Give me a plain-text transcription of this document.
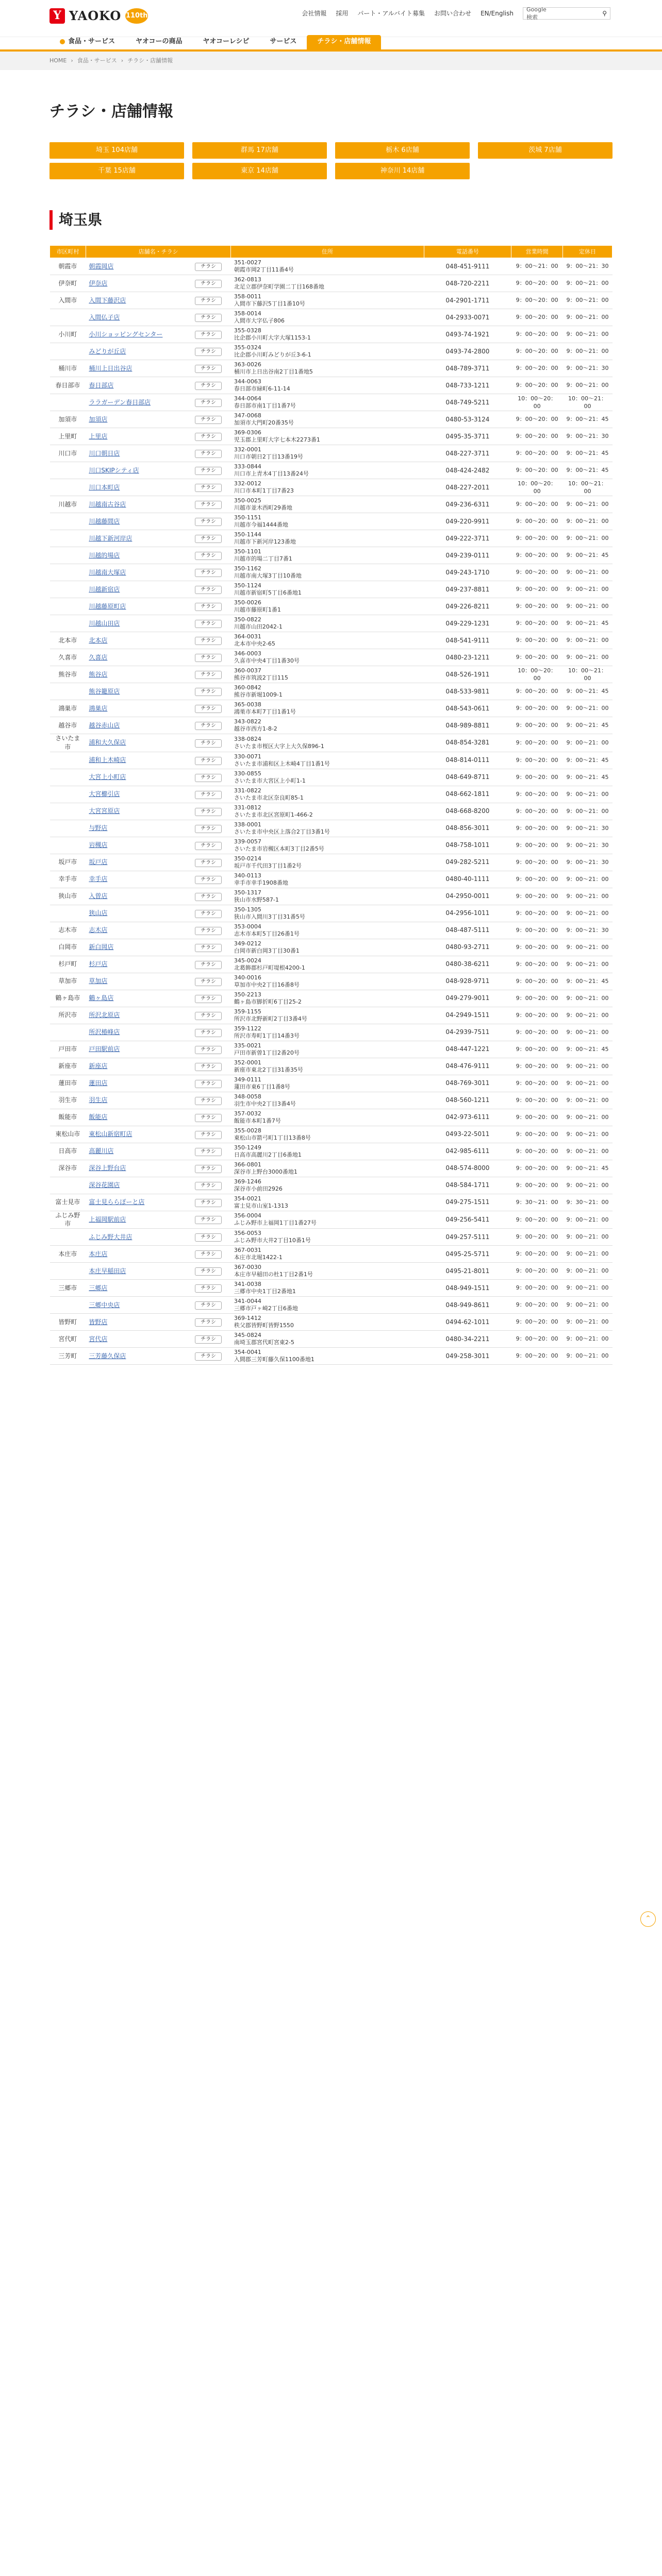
Y YAOKO 110th	会社情報 採用 パート・アルバイト募集 お問い合わせ EN/English
Google 検索
⚲
食品・サービス	ヤオコーの商品	ヤオコーレシピ	サービス	チラシ・店舗情報
HOME › 食品・サービス › チラシ・店舗情報
チラシ・店舗情報
埼玉 104店舗	群馬 17店舗	栃木 6店舗	茨城 7店舗
千葉 15店舗	東京 14店舗	神奈川 14店舗
埼玉県
市区町村	店舗名・チラシ		住所	電話番号	営業時間	定休日
朝霞市	朝霞岡店	チラシ	351-0027
朝霞市岡2丁目11番4号	048-451-9111	9：00～21：00	9：00～21：30
伊奈町	伊奈店	チラシ	362-0813
北足立郡伊奈町学園二丁目168番地	048-720-2211	9：00～20：00	9：00～21：00
入間市	入間下藤沢店	チラシ	358-0011
入間市下藤沢5丁目1番10号	04-2901-1711	9：00～20：00	9：00～21：00
	入間仏子店	チラシ	358-0014
入間市大字仏子806	04-2933-0071	9：00～20：00	9：00～21：00
小川町	小川ショッピングセンター	チラシ	355-0328
比企郡小川町大字大塚1153-1	0493-74-1921	9：00～20：00	9：00～21：00
	みどりが丘店	チラシ	355-0324
比企郡小川町みどりが丘3-6-1	0493-74-2800	9：00～20：00	9：00～21：00
桶川市	桶川上日出谷店	チラシ	363-0026
桶川市上日出谷南2丁目1番地5	048-789-3711	9：00～20：00	9：00～21：30
春日部市	春日部店	チラシ	344-0063
春日部市緑町6-11-14	048-733-1211	9：00～20：00	9：00～21：00
	ララガーデン春日部店	チラシ	344-0064
春日部市南1丁目1番7号	048-749-5211	10：00～20：00	10：00～21：00
加須市	加須店	チラシ	347-0068
加須市大門町20番35号	0480-53-3124	9：00～20：00	9：00～21：45
上里町	上里店	チラシ	369-0306
児玉郡上里町大字七本木2273番1	0495-35-3711	9：00～20：00	9：00～21：30
川口市	川口朝日店	チラシ	332-0001
川口市朝日2丁目13番19号	048-227-3711	9：00～20：00	9：00～21：45
	川口SKIPシティ店	チラシ	333-0844
川口市上青木4丁目13番24号	048-424-2482	9：00～20：00	9：00～21：45
	川口本町店	チラシ	332-0012
川口市本町1丁目7番23	048-227-2011	10：00～20：00	10：00～21：00
川越市	川越南古谷店	チラシ	350-0025
川越市並木西町29番地	049-236-6311	9：00～20：00	9：00～21：00
	川越藤間店	チラシ	350-1151
川越市今福1444番地	049-220-9911	9：00～20：00	9：00～21：00
	川越下新河岸店	チラシ	350-1144
川越市下新河岸123番地	049-222-3711	9：00～20：00	9：00～21：00
	川越的場店	チラシ	350-1101
川越市的場二丁目7番1	049-239-0111	9：00～20：00	9：00～21：45
	川越南大塚店	チラシ	350-1162
川越市南大塚3丁目10番地	049-243-1710	9：00～20：00	9：00～21：00
	川越新宿店	チラシ	350-1124
川越市新宿町5丁目6番地1	049-237-8811	9：00～20：00	9：00～21：00
	川越藤原町店	チラシ	350-0026
川越市藤原町1番1	049-226-8211	9：00～20：00	9：00～21：00
	川越山田店	チラシ	350-0822
川越市山田2042-1	049-229-1231	9：00～20：00	9：00～21：45
北本市	北本店	チラシ	364-0031
北本市中央2-65	048-541-9111	9：00～20：00	9：00～21：00
久喜市	久喜店	チラシ	346-0003
久喜市中央4丁目1番30号	0480-23-1211	9：00～20：00	9：00～21：00
熊谷市	熊谷店	チラシ	360-0037
熊谷市筑波2丁目115	048-526-1911	10：00～20：00	10：00～21：00
	熊谷籠原店	チラシ	360-0842
熊谷市新堀1009-1	048-533-9811	9：00～20：00	9：00～21：45
鴻巣市	鴻巣店	チラシ	365-0038
鴻巣市本町7丁目1番1号	048-543-0611	9：00～20：00	9：00～21：00
越谷市	越谷赤山店	チラシ	343-0822
越谷市西方1-8-2	048-989-8811	9：00～20：00	9：00～21：45
さいたま市	浦和大久保店	チラシ	338-0824
さいたま市桜区大字上大久保896-1	048-854-3281	9：00～20：00	9：00～21：00
	浦和上木崎店	チラシ	330-0071
さいたま市浦和区上木崎4丁目1番1号	048-814-0111	9：00～20：00	9：00～21：45
	大宮上小町店	チラシ	330-0855
さいたま市大宮区上小町1-1	048-649-8711	9：00～20：00	9：00～21：45
	大宮櫛引店	チラシ	331-0822
さいたま市北区奈良町85-1	048-662-1811	9：00～20：00	9：00～21：00
	大宮宮原店	チラシ	331-0812
さいたま市北区宮原町1-466-2	048-668-8200	9：00～20：00	9：00～21：00
	与野店	チラシ	338-0001
さいたま市中央区上落合2丁目3番1号	048-856-3011	9：00～20：00	9：00～21：30
	岩槻店	チラシ	339-0057
さいたま市岩槻区本町3丁目2番5号	048-758-1011	9：00～20：00	9：00～21：30
坂戸市	坂戸店	チラシ	350-0214
坂戸市千代田3丁目1番2号	049-282-5211	9：00～20：00	9：00～21：30
幸手市	幸手店	チラシ	340-0113
幸手市幸手1908番地	0480-40-1111	9：00～20：00	9：00～21：00
狭山市	入曽店	チラシ	350-1317
狭山市水野587-1	04-2950-0011	9：00～20：00	9：00～21：00
	狭山店	チラシ	350-1305
狭山市入間川3丁目31番5号	04-2956-1011	9：00～20：00	9：00～21：00
志木市	志木店	チラシ	353-0004
志木市本町5丁目26番1号	048-487-5111	9：00～20：00	9：00～21：30
白岡市	新白岡店	チラシ	349-0212
白岡市新白岡3丁目30番1	0480-93-2711	9：00～20：00	9：00～21：00
杉戸町	杉戸店	チラシ	345-0024
北葛飾郡杉戸町堤根4200-1	0480-38-6211	9：00～20：00	9：00～21：00
草加市	草加店	チラシ	340-0016
草加市中央2丁目16番8号	048-928-9711	9：00～20：00	9：00～21：45
鶴ヶ島市	鶴ヶ島店	チラシ	350-2213
鶴ヶ島市脚折町6丁目25-2	049-279-9011	9：00～20：00	9：00～21：00
所沢市	所沢北原店	チラシ	359-1155
所沢市北野新町2丁目3番4号	04-2949-1511	9：00～20：00	9：00～21：00
	所沢椿峰店	チラシ	359-1122
所沢市寿町1丁目14番3号	04-2939-7511	9：00～20：00	9：00～21：00
戸田市	戸田駅前店	チラシ	335-0021
戸田市新曽1丁目2番20号	048-447-1221	9：00～20：00	9：00～21：45
新座市	新座店	チラシ	352-0001
新座市東北2丁目31番35号	048-476-9111	9：00～20：00	9：00～21：00
蓮田市	蓮田店	チラシ	349-0111
蓮田市東6丁目1番8号	048-769-3011	9：00～20：00	9：00～21：00
羽生市	羽生店	チラシ	348-0058
羽生市中央2丁目3番4号	048-560-1211	9：00～20：00	9：00～21：00
飯能市	飯能店	チラシ	357-0032
飯能市本町1番7号	042-973-6111	9：00～20：00	9：00～21：00
東松山市	東松山新宿町店	チラシ	355-0028
東松山市箭弓町1丁目13番8号	0493-22-5011	9：00～20：00	9：00～21：00
日高市	高麗川店	チラシ	350-1249
日高市高麗川2丁目6番地1	042-985-6111	9：00～20：00	9：00～21：00
深谷市	深谷上野台店	チラシ	366-0801
深谷市上野台3000番地1	048-574-8000	9：00～20：00	9：00～21：45
	深谷花園店	チラシ	369-1246
深谷市小前田2926	048-584-1711	9：00～20：00	9：00～21：00
富士見市	富士見ららぽーと店	チラシ	354-0021
富士見市山室1-1313	049-275-1511	9：30～21：00	9：30～21：00
ふじみ野市	上福岡駅前店	チラシ	356-0004
ふじみ野市上福岡1丁目1番27号	049-256-5411	9：00～20：00	9：00～21：00
	ふじみ野大井店	チラシ	356-0053
ふじみ野市大井2丁目10番1号	049-257-5111	9：00～20：00	9：00～21：00
本庄市	本庄店	チラシ	367-0031
本庄市北堀1422-1	0495-25-5711	9：00～20：00	9：00～21：00
	本庄早稲田店	チラシ	367-0030
本庄市早稲田の杜1丁目2番1号	0495-21-8011	9：00～20：00	9：00～21：00
三郷市	三郷店	チラシ	341-0038
三郷市中央1丁目2番地1	048-949-1511	9：00～20：00	9：00～21：00
	三郷中央店	チラシ	341-0044
三郷市戸ヶ崎2丁目6番地	048-949-8611	9：00～20：00	9：00～21：00
皆野町	皆野店	チラシ	369-1412
秩父郡皆野町皆野1550	0494-62-1011	9：00～20：00	9：00～21：00
宮代町	宮代店	チラシ	345-0824
南埼玉郡宮代町宮東2-5	0480-34-2211	9：00～20：00	9：00～21：00
三芳町	三芳藤久保店	チラシ	354-0041
入間郡三芳町藤久保1100番地1	049-258-3011	9：00～20：00	9：00～21：00
⌃
